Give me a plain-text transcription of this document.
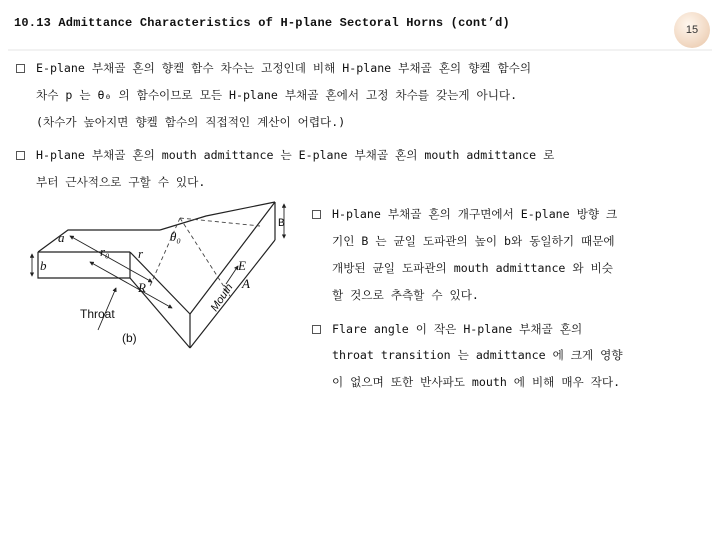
10.13 Admittance Characteristics of H-plane Sectoral Horns (cont’d)	15
E-plane 부채골 혼의 향켈 함수 차수는 고정인데 비해 H-plane 부채골 혼의 향켈 함수의
차수 p 는 θ₀ 의 함수이므로 모든 H-plane 부채골 혼에서 고정 차수를 갖는게 아니다.
(차수가 높아지면 향켈 함수의 직접적인 계산이 어렵다.)
H-plane 부채골 혼의 mouth admittance 는 E-plane 부채골 혼의 mouth admittance 로
부터 근사적으로 구할 수 있다.
H-plane 부채골 혼의 개구면에서 E-plane 방향 크
기인 B 는 균일 도파관의 높이 b와 동일하기 때문에
개방된 균일 도파관의 mouth admittance 와 비슷
할 것으로 추측할 수 있다.
Flare angle 이 작은 H-plane 부채골 혼의
throat transition 는 admittance 에 크게 영향
이 없으며 또한 반사파도 mouth 에 비해 매우 작다.
a
b
θ₀
r
r₀
R
E
A
(b)
B
Mouth
Throat
